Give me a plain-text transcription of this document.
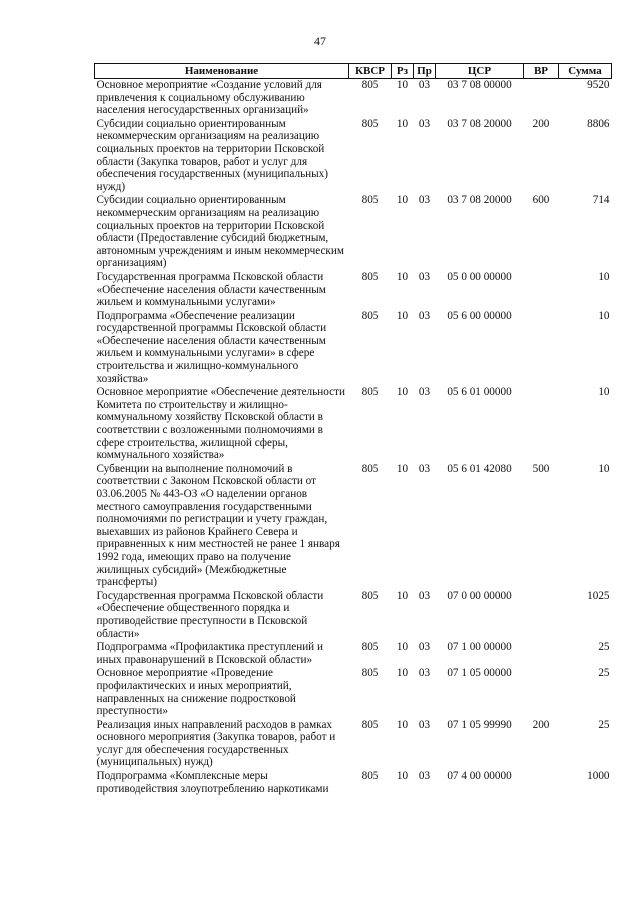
47
Наименование	КВСР	Рз	Пр	ЦСР	ВР	Сумма
Основное мероприятие «Создание условий для привлечения к социальному обслуживанию населения негосударственных организаций»	805	10	03	03 7 08 00000		9520
Субсидии социально ориентированным некоммерческим организациям на реализацию социальных проектов на территории Псковской области (Закупка товаров, работ и услуг для обеспечения государственных (муниципальных) нужд)	805	10	03	03 7 08 20000	200	8806
Субсидии социально ориентированным некоммерческим организациям на реализацию социальных проектов на территории Псковской области (Предоставление субсидий бюджетным, автономным учреждениям и иным некоммерческим организациям)	805	10	03	03 7 08 20000	600	714
Государственная программа Псковской области «Обеспечение населения области качественным жильем и коммунальными услугами»	805	10	03	05 0 00 00000		10
Подпрограмма «Обеспечение реализации государственной программы Псковской области «Обеспечение населения области качественным жильем и коммунальными услугами» в сфере строительства и жилищно-коммунального хозяйства»	805	10	03	05 6 00 00000		10
Основное мероприятие «Обеспечение деятельности Комитета по строительству и жилищно-коммунальному хозяйству Псковской области в соответствии с возложенными полномочиями в сфере строительства, жилищной сферы, коммунального хозяйства»	805	10	03	05 6 01 00000		10
Субвенции на выполнение полномочий в соответствии с Законом Псковской области от 03.06.2005 № 443-ОЗ «О наделении органов местного самоуправления государственными полномочиями по регистрации и учету граждан, выехавших из районов Крайнего Севера и приравненных к ним местностей не ранее 1 января 1992 года, имеющих право на получение жилищных субсидий» (Межбюджетные трансферты)	805	10	03	05 6 01 42080	500	10
Государственная программа Псковской области «Обеспечение общественного порядка и противодействие преступности в Псковской области»	805	10	03	07 0 00 00000		1025
Подпрограмма «Профилактика преступлений и иных правонарушений в Псковской области»	805	10	03	07 1 00 00000		25
Основное мероприятие «Проведение профилактических и иных мероприятий, направленных на снижение подростковой преступности»	805	10	03	07 1 05 00000		25
Реализация иных направлений расходов в рамках основного мероприятия (Закупка товаров, работ и услуг для обеспечения государственных (муниципальных) нужд)	805	10	03	07 1 05 99990	200	25
Подпрограмма «Комплексные меры противодействия злоупотреблению наркотиками	805	10	03	07 4 00 00000		1000
